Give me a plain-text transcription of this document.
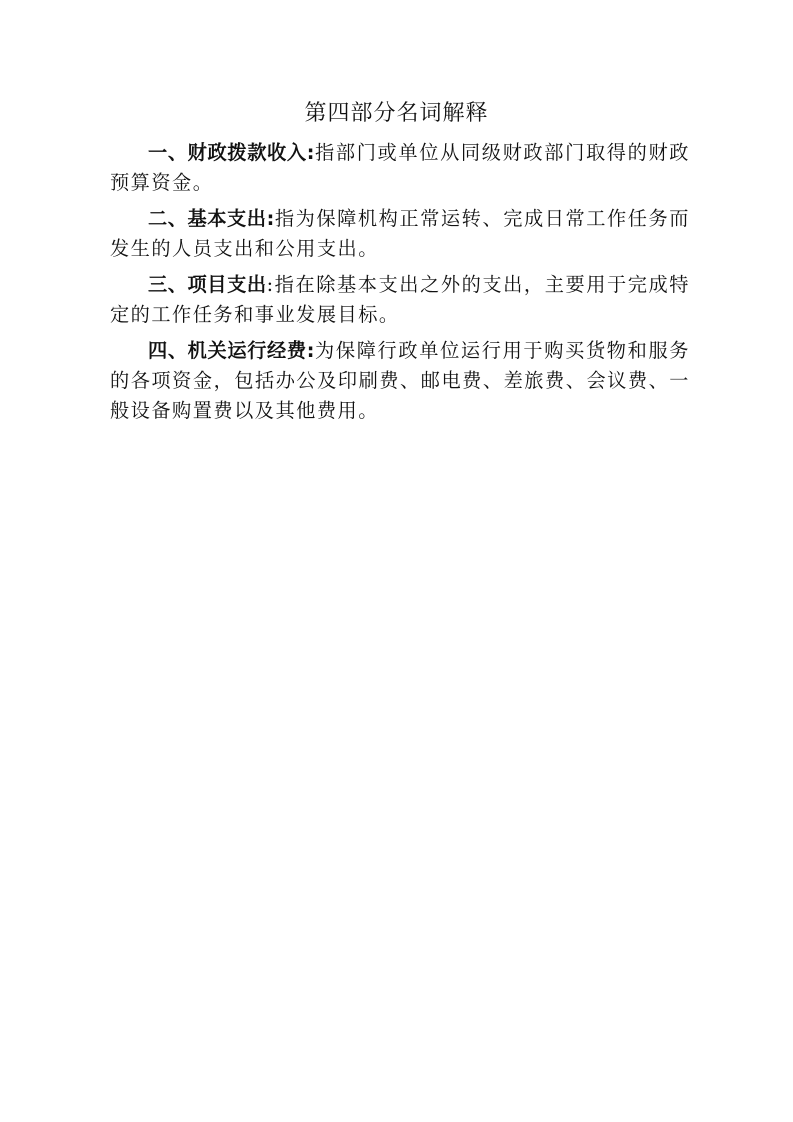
第四部分名词解释

一、财政拨款收入:指部门或单位从同级财政部门取得的财政预算资金。

二、基本支出:指为保障机构正常运转、完成日常工作任务而发生的人员支出和公用支出。

三、项目支出:指在除基本支出之外的支出，主要用于完成特定的工作任务和事业发展目标。

四、机关运行经费:为保障行政单位运行用于购买货物和服务的各项资金，包括办公及印刷费、邮电费、差旅费、会议费、一般设备购置费以及其他费用。
